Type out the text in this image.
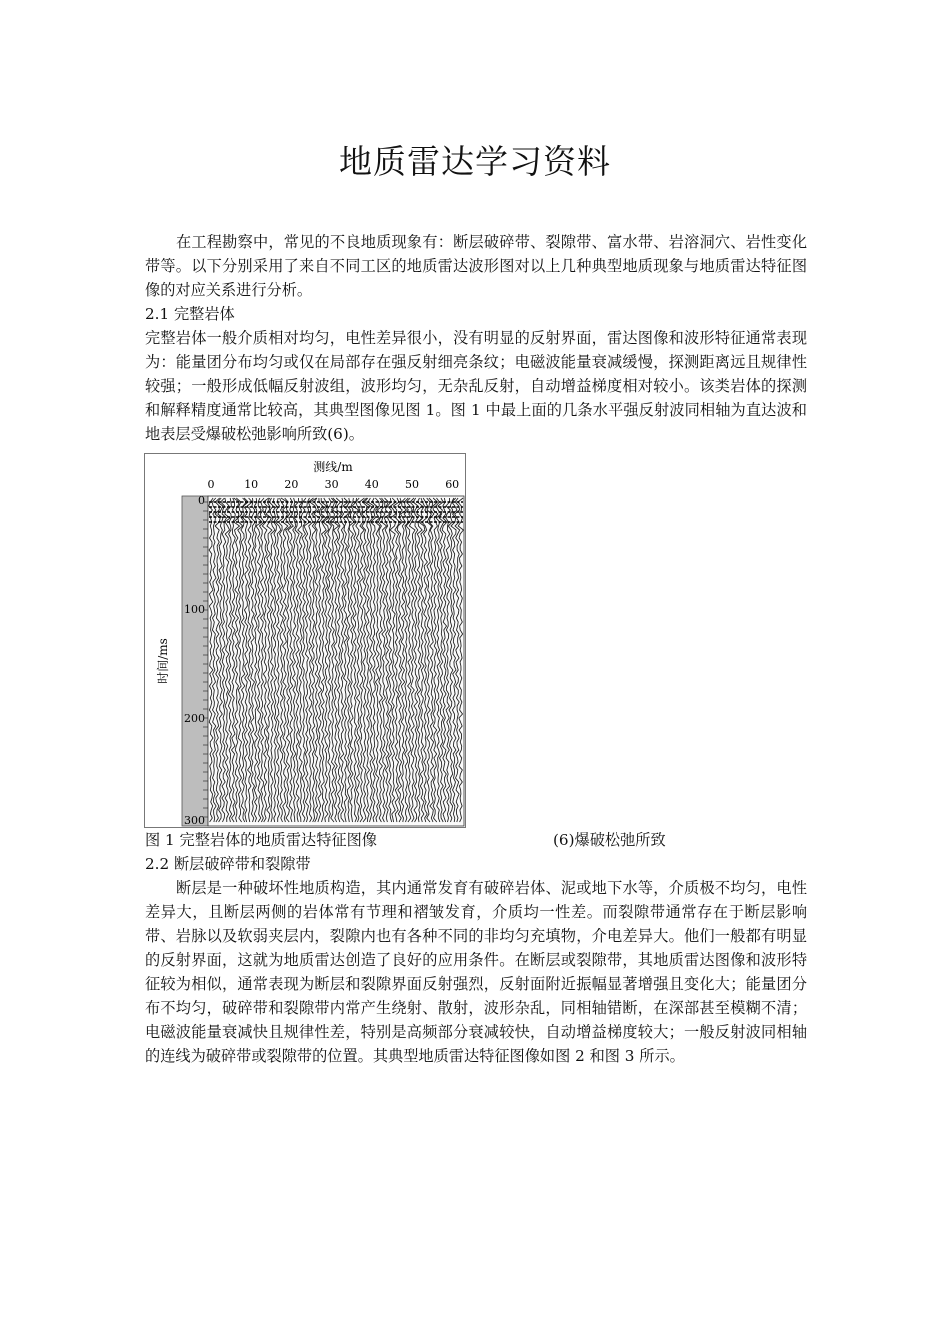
地质雷达学习资料

在工程勘察中，常见的不良地质现象有：断层破碎带、裂隙带、富水带、岩溶洞穴、岩性变化带等。以下分别采用了来自不同工区的地质雷达波形图对以上几种典型地质现象与地质雷达特征图像的对应关系进行分析。

2.1 完整岩体

完整岩体一般介质相对均匀，电性差异很小，没有明显的反射界面，雷达图像和波形特征通常表现为：能量团分布均匀或仅在局部存在强反射细亮条纹；电磁波能量衰减缓慢，探测距离远且规律性较强；一般形成低幅反射波组，波形均匀，无杂乱反射，自动增益梯度相对较小。该类岩体的探测和解释精度通常比较高，其典型图像见图 1。图 1 中最上面的几条水平强反射波同相轴为直达波和地表层受爆破松弛影响所致(6)。

测线/m
0	10 20 30 40 50 60
0
100
200
300
时间/ms
图 1 完整岩体的地质雷达特征图像	(6)爆破松弛所致
2.2 断层破碎带和裂隙带

断层是一种破坏性地质构造，其内通常发育有破碎岩体、泥或地下水等，介质极不均匀，电性差异大，且断层两侧的岩体常有节理和褶皱发育，介质均一性差。而裂隙带通常存在于断层影响带、岩脉以及软弱夹层内，裂隙内也有各种不同的非均匀充填物，介电差异大。他们一般都有明显的反射界面，这就为地质雷达创造了良好的应用条件。在断层或裂隙带，其地质雷达图像和波形特征较为相似，通常表现为断层和裂隙界面反射强烈，反射面附近振幅显著增强且变化大；能量团分布不均匀，破碎带和裂隙带内常产生绕射、散射，波形杂乱，同相轴错断，在深部甚至模糊不清；电磁波能量衰减快且规律性差，特别是高频部分衰减较快，自动增益梯度较大；一般反射波同相轴的连线为破碎带或裂隙带的位置。其典型地质雷达特征图像如图 2 和图 3 所示。
